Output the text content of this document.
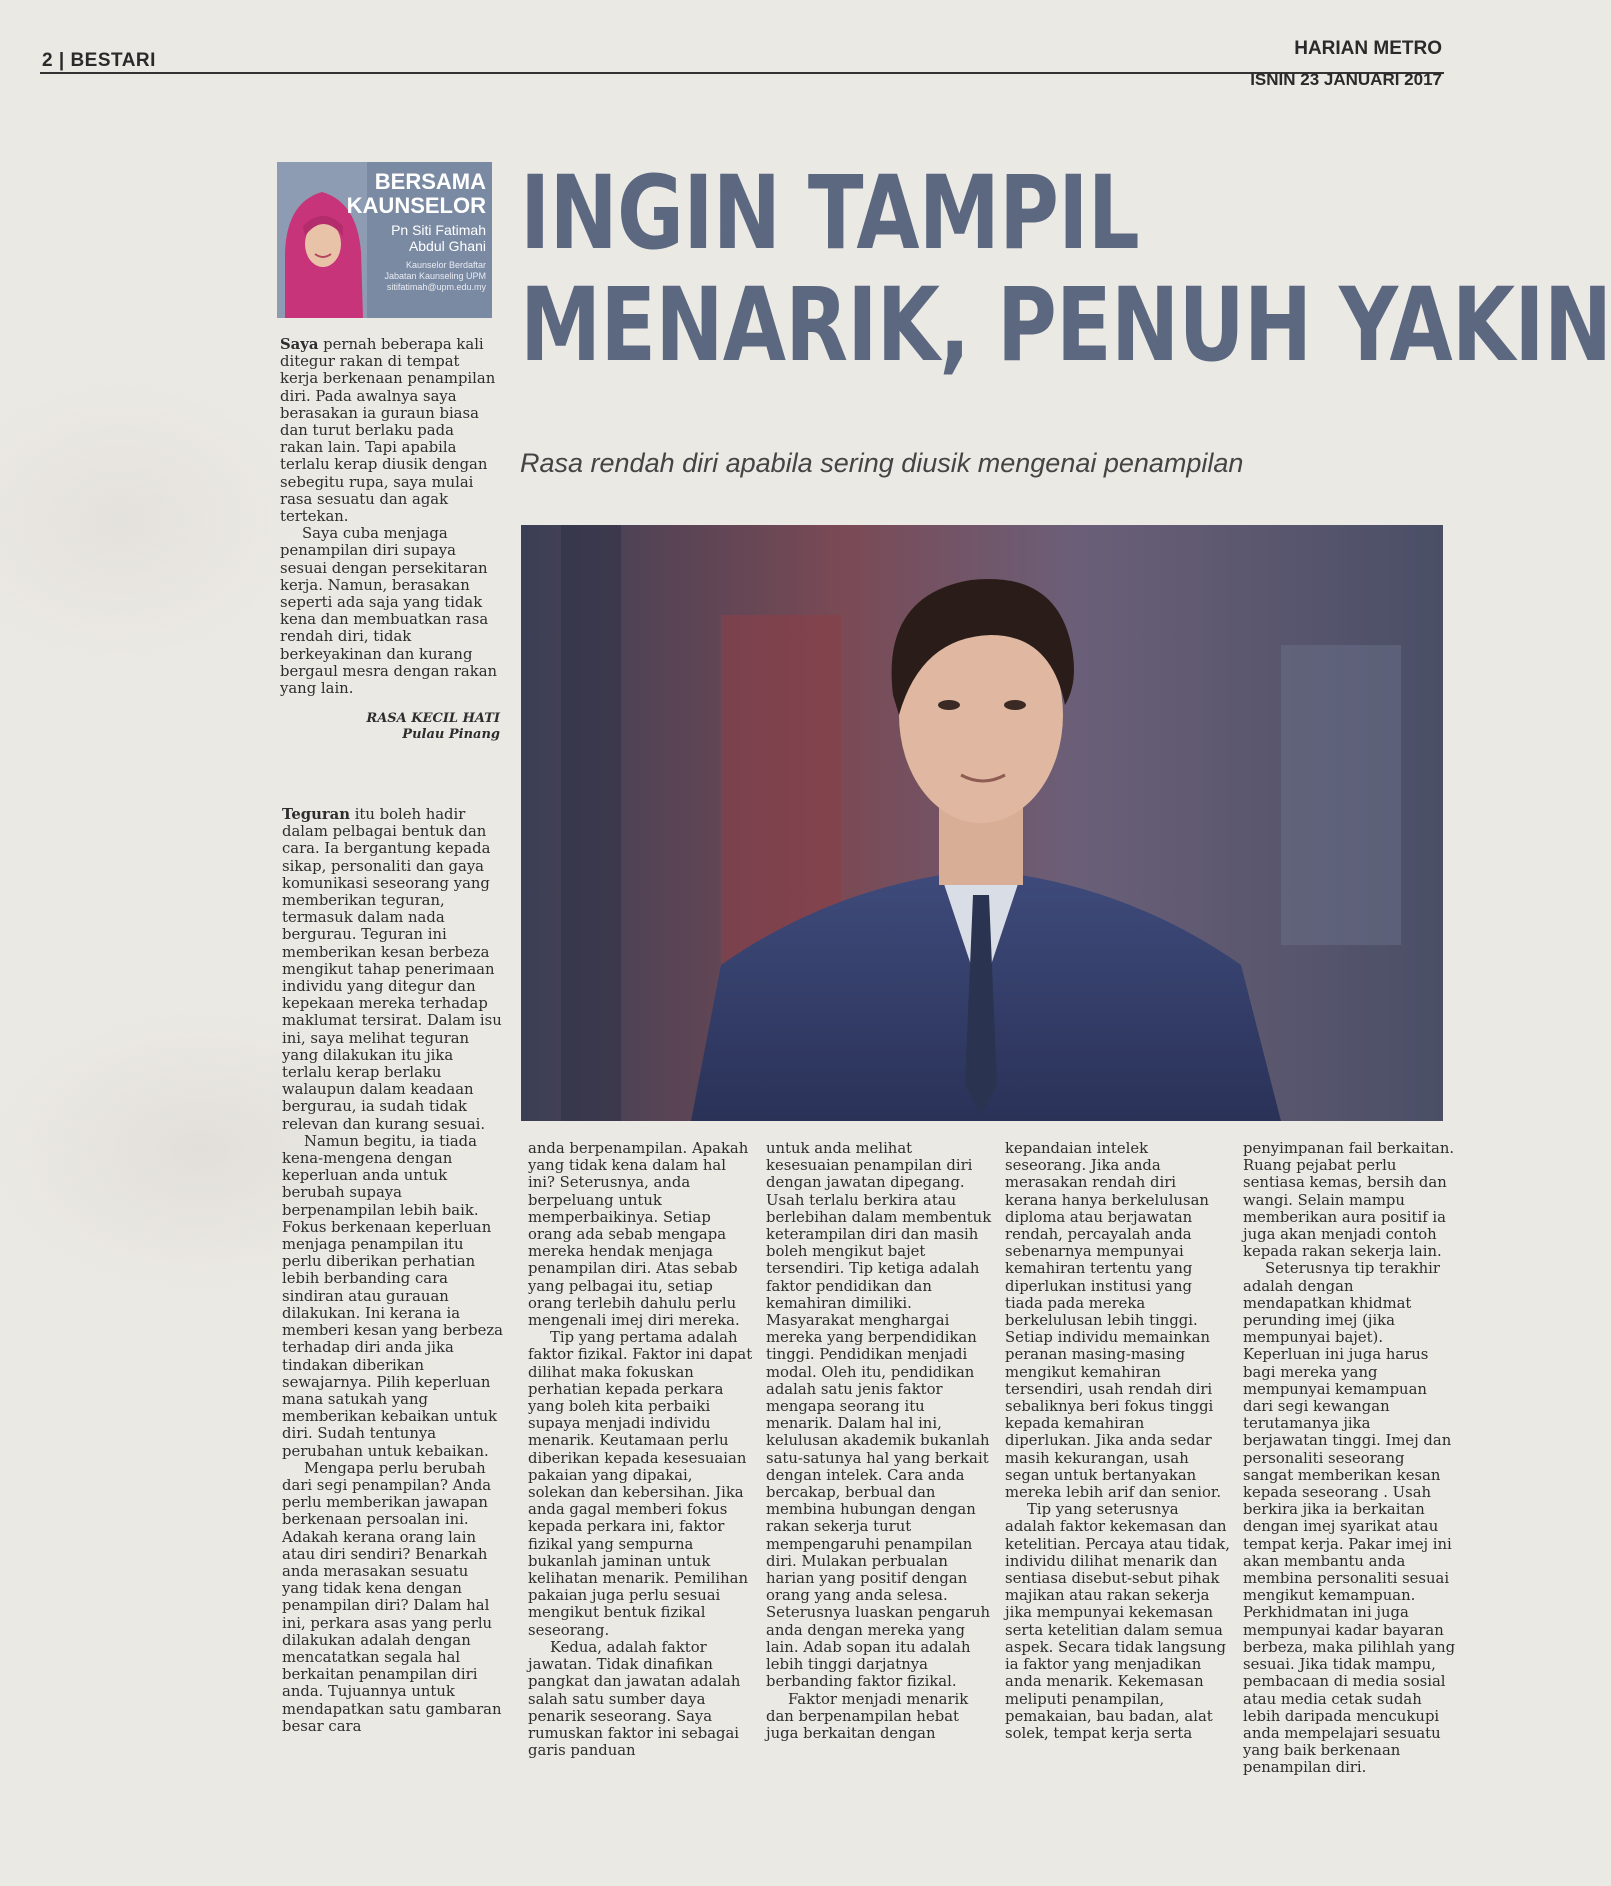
2 | BESTARI
HARIAN METRO
ISNIN 23 JANUARI 2017
BERSAMA
KAUNSELOR
Pn Siti Fatimah
Abdul Ghani
Kaunselor Berdaftar
Jabatan Kaunseling UPM
sitifatimah@upm.edu.my
INGIN TAMPIL
MENARIK, PENUH YAKIN
Rasa rendah diri apabila sering diusik mengenai penampilan

Saya pernah beberapa kali ditegur rakan di tempat kerja berkenaan penampilan diri. Pada awalnya saya berasakan ia guraun biasa dan turut berlaku pada rakan lain. Tapi apabila terlalu kerap diusik dengan sebegitu rupa, saya mulai rasa sesuatu dan agak tertekan.

Saya cuba menjaga penampilan diri supaya sesuai dengan persekitaran kerja. Namun, berasakan seperti ada saja yang tidak kena dan membuatkan rasa rendah diri, tidak berkeyakinan dan kurang bergaul mesra dengan rakan yang lain.

RASA KECIL HATI
Pulau Pinang

Teguran itu boleh hadir dalam pelbagai bentuk dan cara. Ia bergantung kepada sikap, personaliti dan gaya komunikasi seseorang yang memberikan teguran, termasuk dalam nada bergurau. Teguran ini memberikan kesan berbeza mengikut tahap penerimaan individu yang ditegur dan kepekaan mereka terhadap maklumat tersirat. Dalam isu ini, saya melihat teguran yang dilakukan itu jika terlalu kerap berlaku walaupun dalam keadaan bergurau, ia sudah tidak relevan dan kurang sesuai.

Namun begitu, ia tiada kena-mengena dengan keperluan anda untuk berubah supaya berpenampilan lebih baik. Fokus berkenaan keperluan menjaga penampilan itu perlu diberikan perhatian lebih berbanding cara sindiran atau gurauan dilakukan. Ini kerana ia memberi kesan yang berbeza terhadap diri anda jika tindakan diberikan sewajarnya. Pilih keperluan mana satukah yang memberikan kebaikan untuk diri. Sudah tentunya perubahan untuk kebaikan.

Mengapa perlu berubah dari segi penampilan? Anda perlu memberikan jawapan berkenaan persoalan ini. Adakah kerana orang lain atau diri sendiri? Benarkah anda merasakan sesuatu yang tidak kena dengan penampilan diri? Dalam hal ini, perkara asas yang perlu dilakukan adalah dengan mencatatkan segala hal berkaitan penampilan diri anda. Tujuannya untuk mendapatkan satu gambaran besar cara

anda berpenampilan. Apakah yang tidak kena dalam hal ini? Seterusnya, anda berpeluang untuk memperbaikinya. Setiap orang ada sebab mengapa mereka hendak menjaga penampilan diri. Atas sebab yang pelbagai itu, setiap orang terlebih dahulu perlu mengenali imej diri mereka.

Tip yang pertama adalah faktor fizikal. Faktor ini dapat dilihat maka fokuskan perhatian kepada perkara yang boleh kita perbaiki supaya menjadi individu menarik. Keutamaan perlu diberikan kepada kesesuaian pakaian yang dipakai, solekan dan kebersihan. Jika anda gagal memberi fokus kepada perkara ini, faktor fizikal yang sempurna bukanlah jaminan untuk kelihatan menarik. Pemilihan pakaian juga perlu sesuai mengikut bentuk fizikal seseorang.

Kedua, adalah faktor jawatan. Tidak dinafikan pangkat dan jawatan adalah salah satu sumber daya penarik seseorang. Saya rumuskan faktor ini sebagai garis panduan

untuk anda melihat kesesuaian penampilan diri dengan jawatan dipegang. Usah terlalu berkira atau berlebihan dalam membentuk keterampilan diri dan masih boleh mengikut bajet tersendiri. Tip ketiga adalah faktor pendidikan dan kemahiran dimiliki. Masyarakat menghargai mereka yang berpendidikan tinggi. Pendidikan menjadi modal. Oleh itu, pendidikan adalah satu jenis faktor mengapa seorang itu menarik. Dalam hal ini, kelulusan akademik bukanlah satu-satunya hal yang berkait dengan intelek. Cara anda bercakap, berbual dan membina hubungan dengan rakan sekerja turut mempengaruhi penampilan diri. Mulakan perbualan harian yang positif dengan orang yang anda selesa. Seterusnya luaskan pengaruh anda dengan mereka yang lain. Adab sopan itu adalah lebih tinggi darjatnya berbanding faktor fizikal.

Faktor menjadi menarik dan berpenampilan hebat juga berkaitan dengan

kepandaian intelek seseorang. Jika anda merasakan rendah diri kerana hanya berkelulusan diploma atau berjawatan rendah, percayalah anda sebenarnya mempunyai kemahiran tertentu yang diperlukan institusi yang tiada pada mereka berkelulusan lebih tinggi. Setiap individu memainkan peranan masing-masing mengikut kemahiran tersendiri, usah rendah diri sebaliknya beri fokus tinggi kepada kemahiran diperlukan. Jika anda sedar masih kekurangan, usah segan untuk bertanyakan mereka lebih arif dan senior.

Tip yang seterusnya adalah faktor kekemasan dan ketelitian. Percaya atau tidak, individu dilihat menarik dan sentiasa disebut-sebut pihak majikan atau rakan sekerja jika mempunyai kekemasan serta ketelitian dalam semua aspek. Secara tidak langsung ia faktor yang menjadikan anda menarik. Kekemasan meliputi penampilan, pemakaian, bau badan, alat solek, tempat kerja serta

penyimpanan fail berkaitan. Ruang pejabat perlu sentiasa kemas, bersih dan wangi. Selain mampu memberikan aura positif ia juga akan menjadi contoh kepada rakan sekerja lain.

Seterusnya tip terakhir adalah dengan mendapatkan khidmat perunding imej (jika mempunyai bajet). Keperluan ini juga harus bagi mereka yang mempunyai kemampuan dari segi kewangan terutamanya jika berjawatan tinggi. Imej dan personaliti seseorang sangat memberikan kesan kepada seseorang . Usah berkira jika ia berkaitan dengan imej syarikat atau tempat kerja. Pakar imej ini akan membantu anda membina personaliti sesuai mengikut kemampuan. Perkhidmatan ini juga mempunyai kadar bayaran berbeza, maka pilihlah yang sesuai. Jika tidak mampu, pembacaan di media sosial atau media cetak sudah lebih daripada mencukupi anda mempelajari sesuatu yang baik berkenaan penampilan diri.
